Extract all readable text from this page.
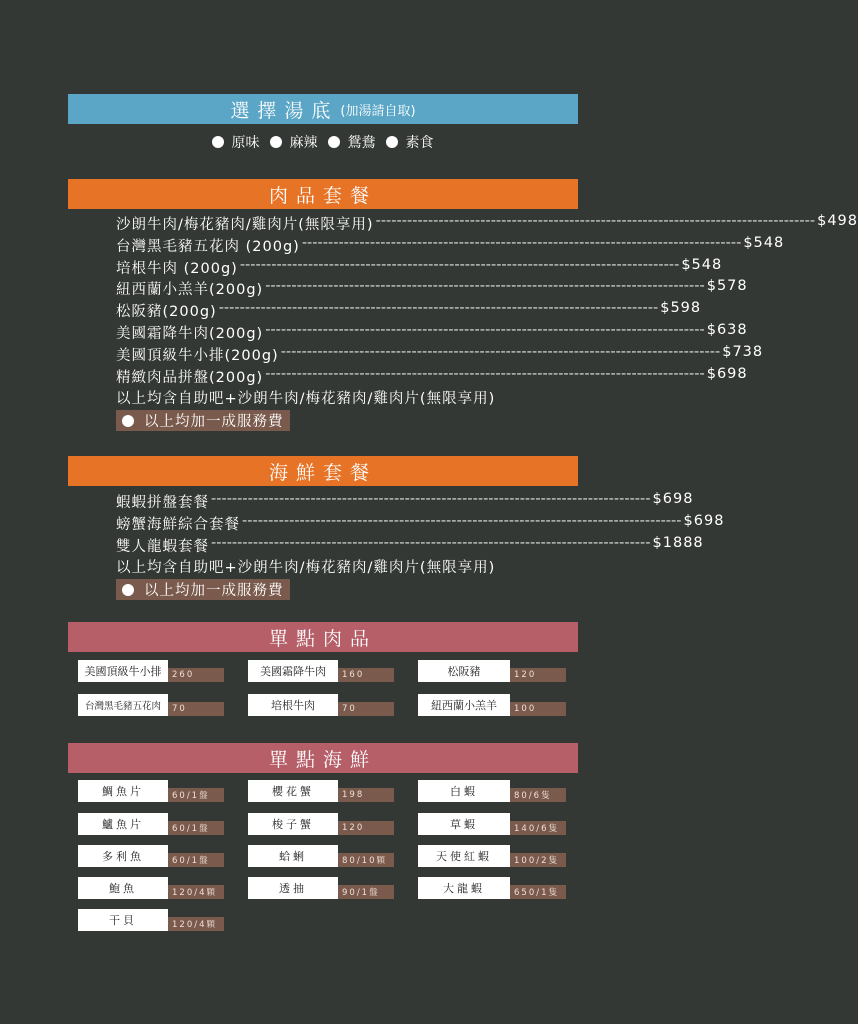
選擇湯底 (加湯請自取)
原味	麻辣	鴛鴦	素食
肉品套餐
沙朗牛肉/梅花豬肉/雞肉片(無限享用) ------------------------------------------------------------------------------------ $498
台灣黑毛豬五花肉 (200g) ------------------------------------------------------------------------------------ $548
培根牛肉 (200g) ------------------------------------------------------------------------------------ $548
紐西蘭小羔羊(200g) ------------------------------------------------------------------------------------ $578
松阪豬(200g) ------------------------------------------------------------------------------------ $598
美國霜降牛肉(200g) ------------------------------------------------------------------------------------ $638
美國頂級牛小排(200g) ------------------------------------------------------------------------------------ $738
精緻肉品拼盤(200g) ------------------------------------------------------------------------------------ $698
以上均含自助吧+沙朗牛肉/梅花豬肉/雞肉片(無限享用)
以上均加一成服務費
海鮮套餐
蝦蝦拼盤套餐 ------------------------------------------------------------------------------------ $698
螃蟹海鮮綜合套餐 ------------------------------------------------------------------------------------ $698
雙人龍蝦套餐 ------------------------------------------------------------------------------------ $1888
以上均含自助吧+沙朗牛肉/梅花豬肉/雞肉片(無限享用)
以上均加一成服務費
單點肉品
美國頂級牛小排	260	美國霜降牛肉	160	松阪豬	120
台灣黑毛豬五花肉	70	培根牛肉	70	紐西蘭小羔羊	100
單點海鮮
鯛魚片	60/1盤	櫻花蟹	198	白蝦	80/6隻
鱸魚片	60/1盤	梭子蟹	120	草蝦	140/6隻
多利魚	60/1盤	蛤蜊	80/10顆	天使紅蝦	100/2隻
鮑魚	120/4顆	透抽	90/1盤	大龍蝦	650/1隻
干貝	120/4顆
